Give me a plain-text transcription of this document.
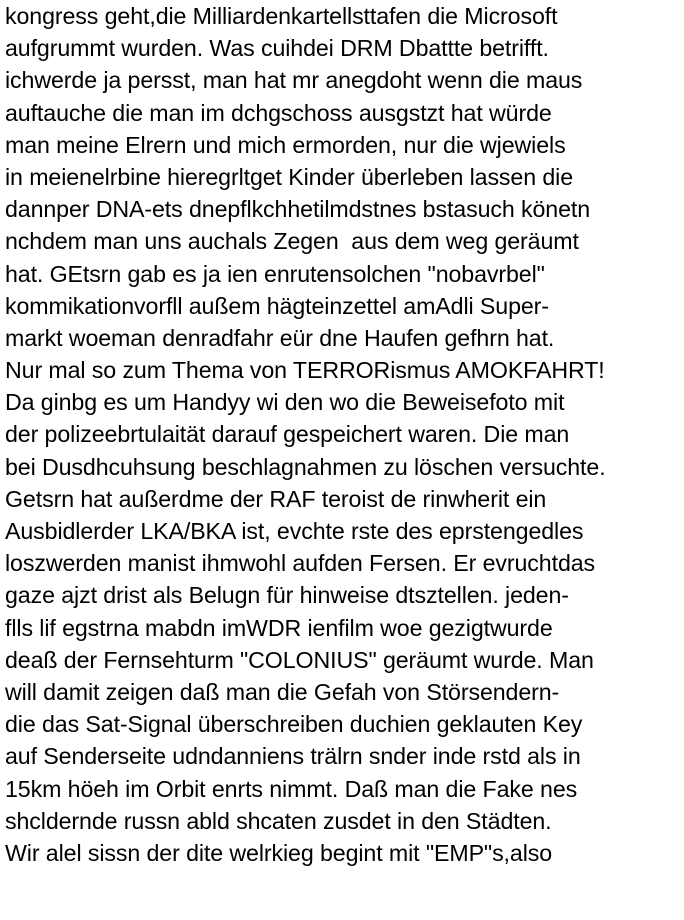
kongress geht,die Milliardenkartellsttafen die Microsoft
aufgrummt wurden. Was cuihdei DRM Dbattte betrifft.
ichwerde ja persst, man hat mr anegdoht wenn die maus
auftauche die man im dchgschoss ausgstzt hat würde
man meine Elrern und mich ermorden, nur die wjewiels
in meienelrbine hieregrltget Kinder überleben lassen die
dannper DNA-ets dnepflkchhetilmdstnes bstasuch könetn
nchdem man uns auchals Zegen  aus dem weg geräumt
hat. GEtsrn gab es ja ien enrutensolchen "nobavrbel"
kommikationvorfll außem hägteinzettel amAdli Super-
markt woeman denradfahr eür dne Haufen gefhrn hat.
Nur mal so zum Thema von TERRORismus AMOKFAHRT!
Da ginbg es um Handyy wi den wo die Beweisefoto mit
der polizeebrtulaität darauf gespeichert waren. Die man
bei Dusdhcuhsung beschlagnahmen zu löschen versuchte.
Getsrn hat außerdme der RAF teroist de rinwherit ein
Ausbidlerder LKA/BKA ist, evchte rste des eprstengedles
loszwerden manist ihmwohl aufden Fersen. Er evruchtdas
gaze ajzt drist als Belugn für hinweise dtsztellen. jeden-
flls lif egstrna mabdn imWDR ienfilm woe gezigtwurde
deaß der Fernsehturm "COLONIUS" geräumt wurde. Man
will damit zeigen daß man die Gefah von Störsendern-
die das Sat-Signal überschreiben duchien geklauten Key
auf Senderseite udndanniens trälrn snder inde rstd als in
15km höeh im Orbit enrts nimmt. Daß man die Fake nes
shcldernde russn abld shcaten zusdet in den Städten.
Wir alel sissn der dite welrkieg begint mit "EMP"s,also
